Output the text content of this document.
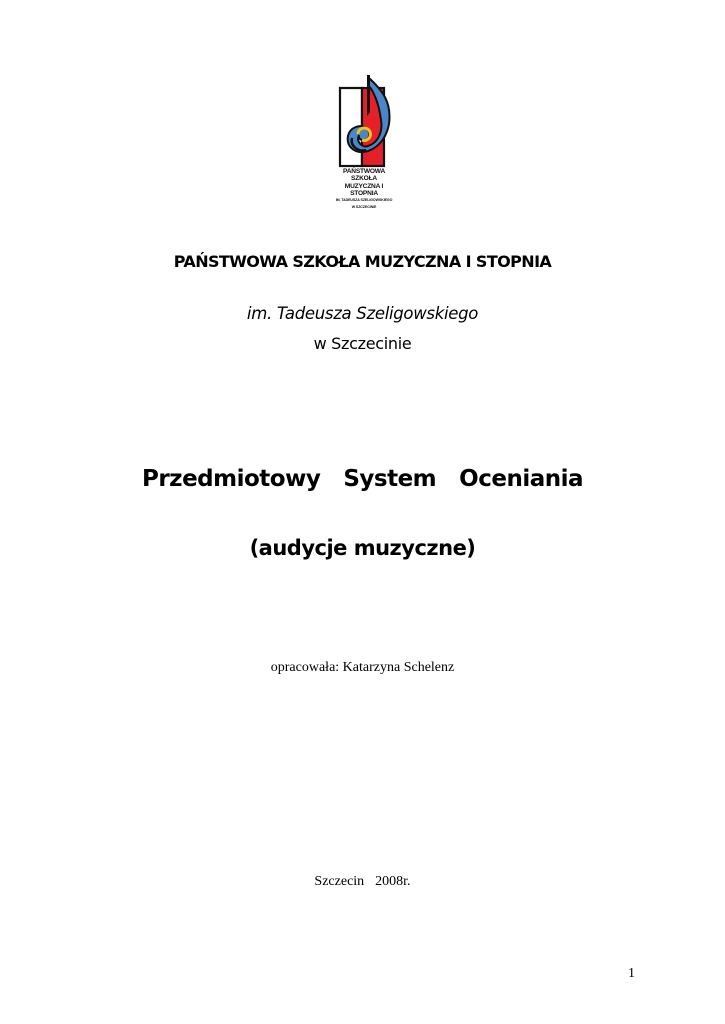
PAŃSTWOWA SZKOŁA
MUZYCZNA I STOPNIA
IM. TADEUSZA SZELIGOWSKIEGO
W SZCZECINIE
PAŃSTWOWA SZKOŁA MUZYCZNA I STOPNIA
im. Tadeusza Szeligowskiego
w Szczecinie
Przedmiotowy  System  Oceniania
(audycje muzyczne)
opracowała: Katarzyna Schelenz
Szczecin  2008r.
1
